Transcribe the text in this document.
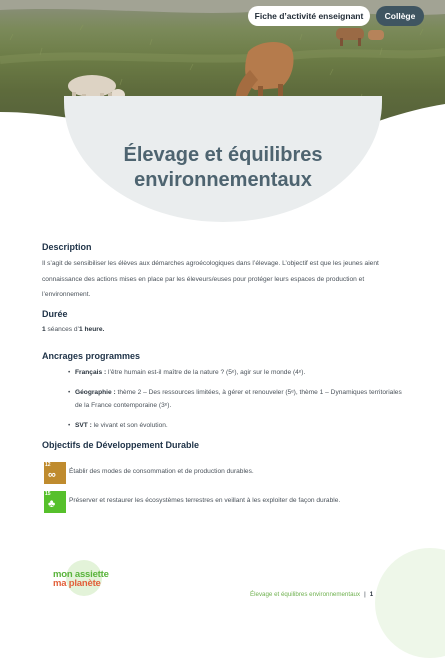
Fiche d’activité enseignant	Collège
Élevage et équilibres environnementaux
Description

Il s’agit de sensibiliser les élèves aux démarches agroécologiques dans l’élevage. L’objectif est que les jeunes aient connaissance des actions mises en place par les éleveurs/euses pour protéger leurs espaces de production et l’environnement.

Durée

1 séances d’1 heure.

Ancrages programmes
• Français : l’être humain est-il maître de la nature ? (5ᵉ), agir sur le monde (4ᵉ).
• Géographie : thème 2 – Des ressources limitées, à gérer et renouveler (5ᵉ), thème 1 – Dynamiques territoriales de la France contemporaine (3ᵉ).
• SVT : le vivant et son évolution.
Objectifs de Développement Durable
12
∞ Établir des modes de consommation et de production durables.
15
♣ Préserver et restaurer les écosystèmes terrestres en veillant à les exploiter de façon durable.
mon assiette
ma planète
Élevage et équilibres environnementaux | 1
